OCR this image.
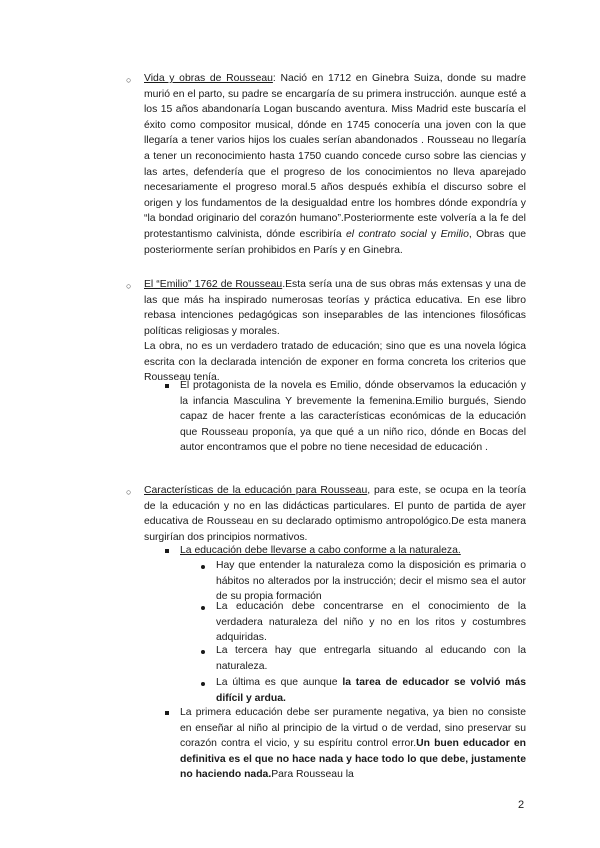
○ Vida y obras de Rousseau: Nació en 1712 en Ginebra Suiza, donde su madre murió en el parto, su padre se encargaría de su primera instrucción. aunque esté a los 15 años abandonaría Logan buscando aventura. Miss Madrid este buscaría el éxito como compositor musical, dónde en 1745 conocería una joven con la que llegaría a tener varios hijos los cuales serían abandonados . Rousseau no llegaría a tener un reconocimiento hasta 1750 cuando concede curso sobre las ciencias y las artes, defendería que el progreso de los conocimientos no lleva aparejado necesariamente el progreso moral.5 años después exhibía el discurso sobre el origen y los fundamentos de la desigualdad entre los hombres dónde expondría y “la bondad originario del corazón humano”.Posteriormente este volvería a la fe del protestantismo calvinista, dónde escribiría el contrato social y Emilio, Obras que posteriormente serían prohibidos en París y en Ginebra.

○ El “Emilio” 1762 de Rousseau.Esta sería una de sus obras más extensas y una de las que más ha inspirado numerosas teorías y práctica educativa. En ese libro rebasa intenciones pedagógicas son inseparables de las intenciones filosóficas políticas religiosas y morales.

La obra, no es un verdadero tratado de educación; sino que es una novela lógica escrita con la declarada intención de exponer en forma concreta los criterios que Rousseau tenía.

El protagonista de la novela es Emilio, dónde observamos la educación y la infancia Masculina Y brevemente la femenina.Emilio burgués, Siendo capaz de hacer frente a las características económicas de la educación que Rousseau proponía, ya que qué a un niño rico, dónde en Bocas del autor encontramos que el pobre no tiene necesidad de educación .

○ Características de la educación para Rousseau, para este, se ocupa en la teoría de la educación y no en las didácticas particulares. El punto de partida de ayer educativa de Rousseau en su declarado optimismo antropológico.De esta manera surgirían dos principios normativos.

La educación debe llevarse a cabo conforme a la naturaleza.

Hay que entender la naturaleza como la disposición es primaria o hábitos no alterados por la instrucción; decir el mismo sea el autor de su propia formación

La educación debe concentrarse en el conocimiento de la verdadera naturaleza del niño y no en los ritos y costumbres adquiridas.

La tercera hay que entregarla situando al educando con la naturaleza.

La última es que aunque la tarea de educador se volvió más difícil y ardua.

La primera educación debe ser puramente negativa, ya bien no consiste en enseñar al niño al principio de la virtud o de verdad, sino preservar su corazón contra el vicio, y su espíritu control error.Un buen educador en definitiva es el que no hace nada y hace todo lo que debe, justamente no haciendo nada.Para Rousseau la

2
